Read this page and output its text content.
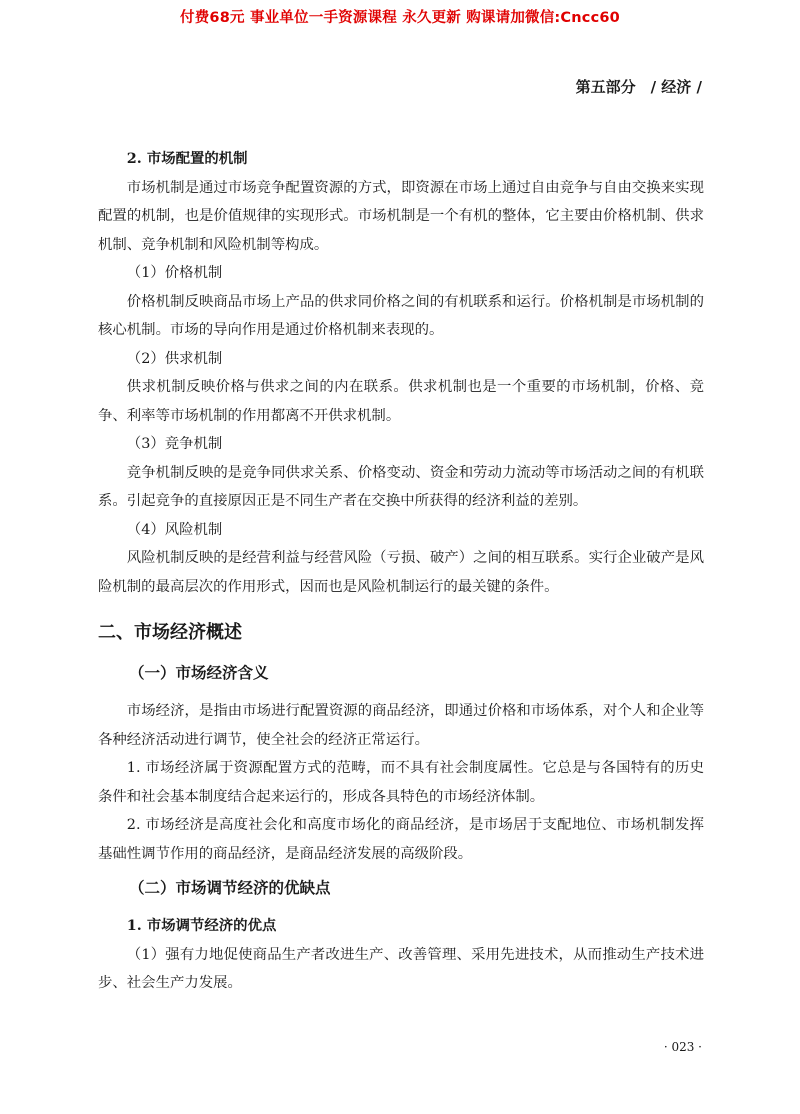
付费68元 事业单位一手资源课程 永久更新 购课请加微信:Cncc60
第五部分　/ 经济 /

2. 市场配置的机制

市场机制是通过市场竞争配置资源的方式，即资源在市场上通过自由竞争与自由交换来实现配置的机制，也是价值规律的实现形式。市场机制是一个有机的整体，它主要由价格机制、供求机制、竞争机制和风险机制等构成。

（1）价格机制

价格机制反映商品市场上产品的供求同价格之间的有机联系和运行。价格机制是市场机制的核心机制。市场的导向作用是通过价格机制来表现的。

（2）供求机制

供求机制反映价格与供求之间的内在联系。供求机制也是一个重要的市场机制，价格、竞争、利率等市场机制的作用都离不开供求机制。

（3）竞争机制

竞争机制反映的是竞争同供求关系、价格变动、资金和劳动力流动等市场活动之间的有机联系。引起竞争的直接原因正是不同生产者在交换中所获得的经济利益的差别。

（4）风险机制

风险机制反映的是经营利益与经营风险（亏损、破产）之间的相互联系。实行企业破产是风险机制的最高层次的作用形式，因而也是风险机制运行的最关键的条件。

二、市场经济概述

（一）市场经济含义

市场经济，是指由市场进行配置资源的商品经济，即通过价格和市场体系，对个人和企业等各种经济活动进行调节，使全社会的经济正常运行。

1. 市场经济属于资源配置方式的范畴，而不具有社会制度属性。它总是与各国特有的历史条件和社会基本制度结合起来运行的，形成各具特色的市场经济体制。

2. 市场经济是高度社会化和高度市场化的商品经济，是市场居于支配地位、市场机制发挥基础性调节作用的商品经济，是商品经济发展的高级阶段。

（二）市场调节经济的优缺点

1. 市场调节经济的优点

（1）强有力地促使商品生产者改进生产、改善管理、采用先进技术，从而推动生产技术进步、社会生产力发展。

· 023 ·
